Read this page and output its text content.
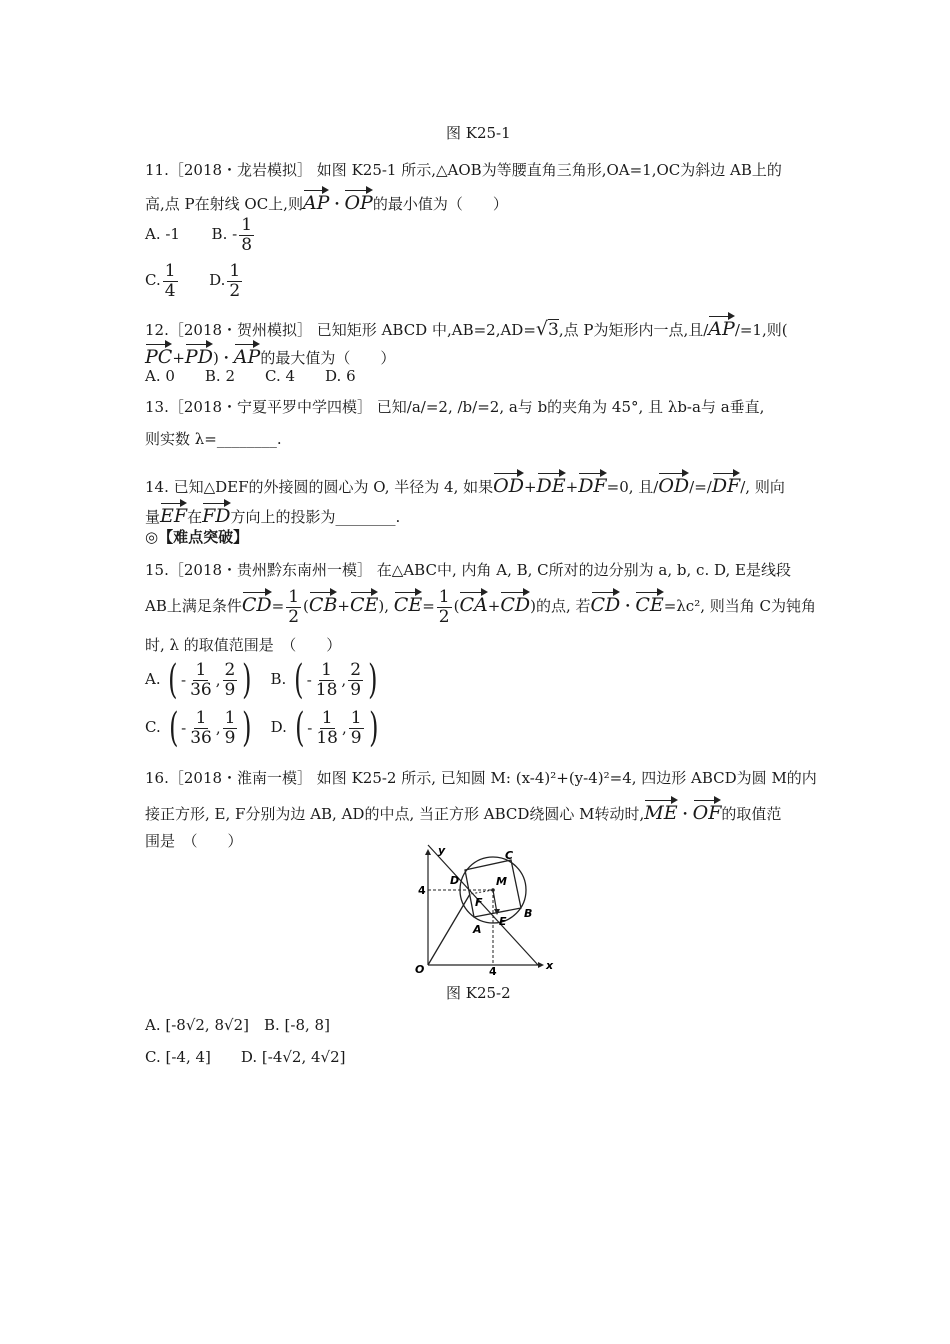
图 K25-1
11.［2018・龙岩模拟］ 如图 K25-1 所示,△AOB为等腰直角三角形,OA=1,OC为斜边 AB上的
高,点 P在射线 OC上,则AP・OP的最小值为（　　）
A. -1 B. - $\frac{1}{8}$
C. $\frac{1}{4} D$. $\frac{1}{2}$
12.［2018・贺州模拟］ 已知矩形 ABCD 中,AB=2,AD=√3,点 P为矩形内一点,且/AP/=1,则(
PC+PD)・AP的最大值为（　　）
A. 0　　B. 2　　C. 4　　D. 6
13.［2018・宁夏平罗中学四模］ 已知/a/=2, /b/=2, a与 b的夹角为 45°, 且 λb-a与 a垂直,
则实数 λ=________.
14. 已知△DEF的外接圆的圆心为 O, 半径为 4, 如果OD+DE+DF=0, 且/OD/=/DF/, 则向
量EF在FD方向上的投影为________.
◎【难点突破】
15.［2018・贵州黔东南州一模］ 在△ABC中, 内角 A, B, C所对的边分别为 a, b, c. D, E是线段
AB上满足条件$CD= \frac{1}{2} (CB+CE)$, $CE= \frac{1}{2} (CA+CD)$的点, 若CD・CE=λc², 则当角 C为钝角
时, λ 的取值范围是　（　　）
A. ( - 1
36 , 2
9 ) B. ( - 1
18 , 2
9 )
C. ( - 1
36 , 1
9 ) D. ( - 1
18 , 1
9 )
16.［2018・淮南一模］ 如图 K25-2 所示, 已知圆 M: (x-4)²+(y-4)²=4, 四边形 ABCD为圆 M的内
接正方形, E, F分别为边 AB, AD的中点, 当正方形 ABCD绕圆心 M转动时,ME・OF的取值范
围是　（　　）
y
x
O
4
4
D
C
B
A
E
F
M
图 K25-2
A. [-8√2, 8√2]　B. [-8, 8]
C. [-4, 4]　　D. [-4√2, 4√2]
